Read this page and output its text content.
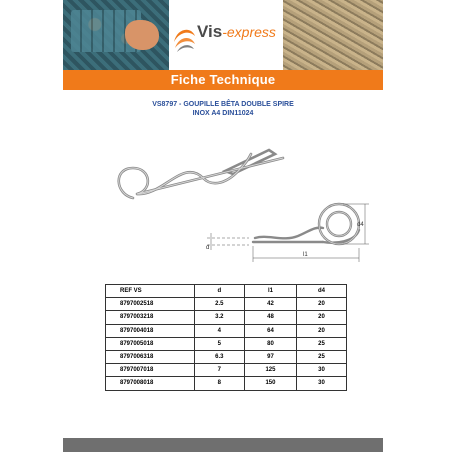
Vis-express
Fiche Technique
VS8797 - GOUPILLE BÊTA DOUBLE SPIRE
INOX A4 DIN11024
d
l1
d4
REF VS	d	l1	d4
8797002518	2.5	42	20
8797003218	3.2	48	20
8797004018	4	64	20
8797005018	5	80	25
8797006318	6.3	97	25
8797007018	7	125	30
8797008018	8	150	30
